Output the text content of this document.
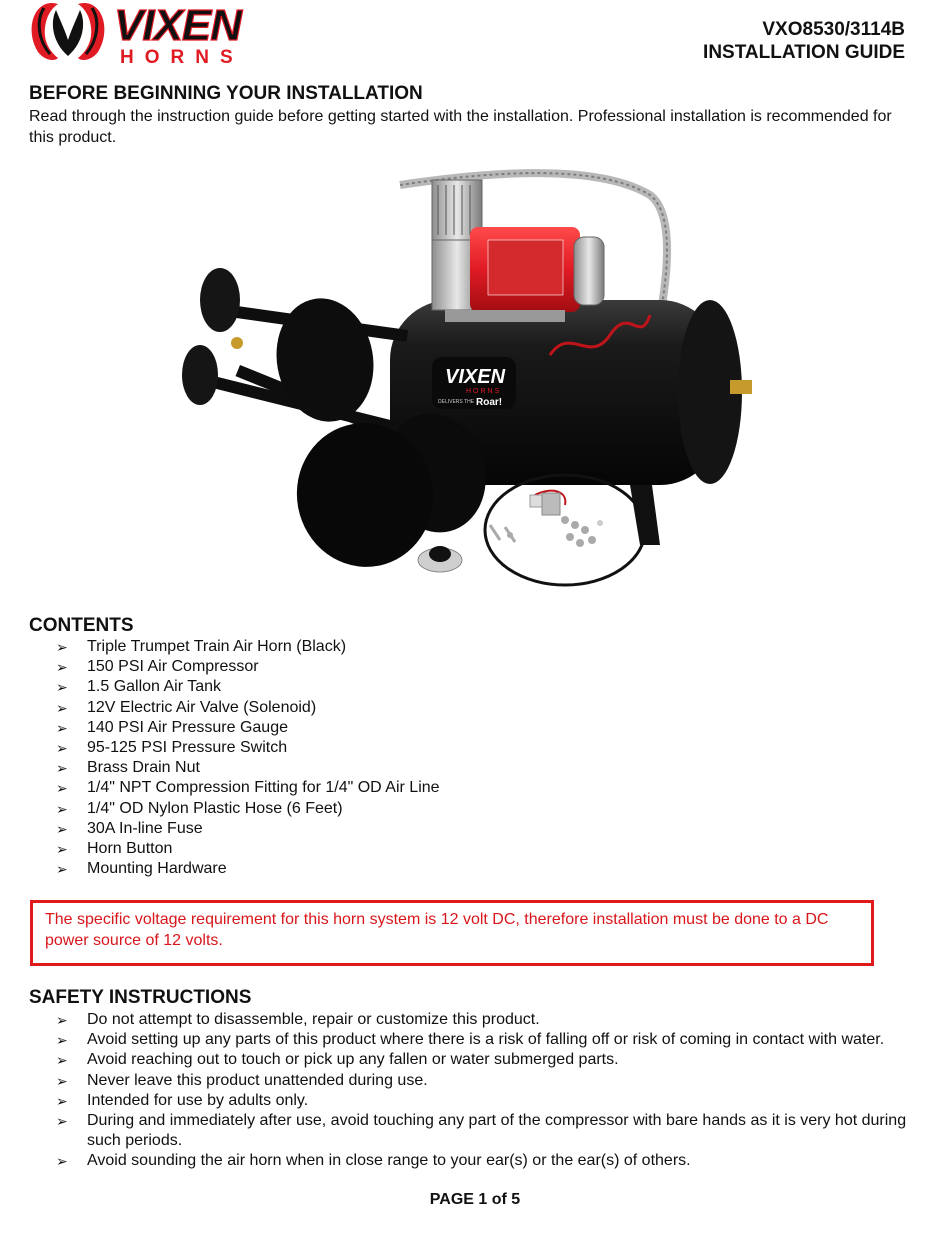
VIXEN
HORNS
VXO8530/3114B
INSTALLATION GUIDE
BEFORE BEGINNING YOUR INSTALLATION

Read through the instruction guide before getting started with the installation. Professional installation is recommended for this product.

VIXEN
HORNS
DELIVERS THE Roar!
CONTENTS
➢ Triple Trumpet Train Air Horn (Black)
➢ 150 PSI Air Compressor
➢ 1.5 Gallon Air Tank
➢ 12V Electric Air Valve (Solenoid)
➢ 140 PSI Air Pressure Gauge
➢ 95-125 PSI Pressure Switch
➢ Brass Drain Nut
➢ 1/4" NPT Compression Fitting for 1/4" OD Air Line
➢ 1/4" OD Nylon Plastic Hose (6 Feet)
➢ 30A In-line Fuse
➢ Horn Button
➢ Mounting Hardware
The specific voltage requirement for this horn system is 12 volt DC, therefore installation must be done to a DC power source of 12 volts.
SAFETY INSTRUCTIONS
➢ Do not attempt to disassemble, repair or customize this product.
➢ Avoid setting up any parts of this product where there is a risk of falling off or risk of coming in contact with water.
➢ Avoid reaching out to touch or pick up any fallen or water submerged parts.
➢ Never leave this product unattended during use.
➢ Intended for use by adults only.
➢ During and immediately after use, avoid touching any part of the compressor with bare hands as it is very hot during such periods.
➢ Avoid sounding the air horn when in close range to your ear(s) or the ear(s) of others.
PAGE 1 of 5
